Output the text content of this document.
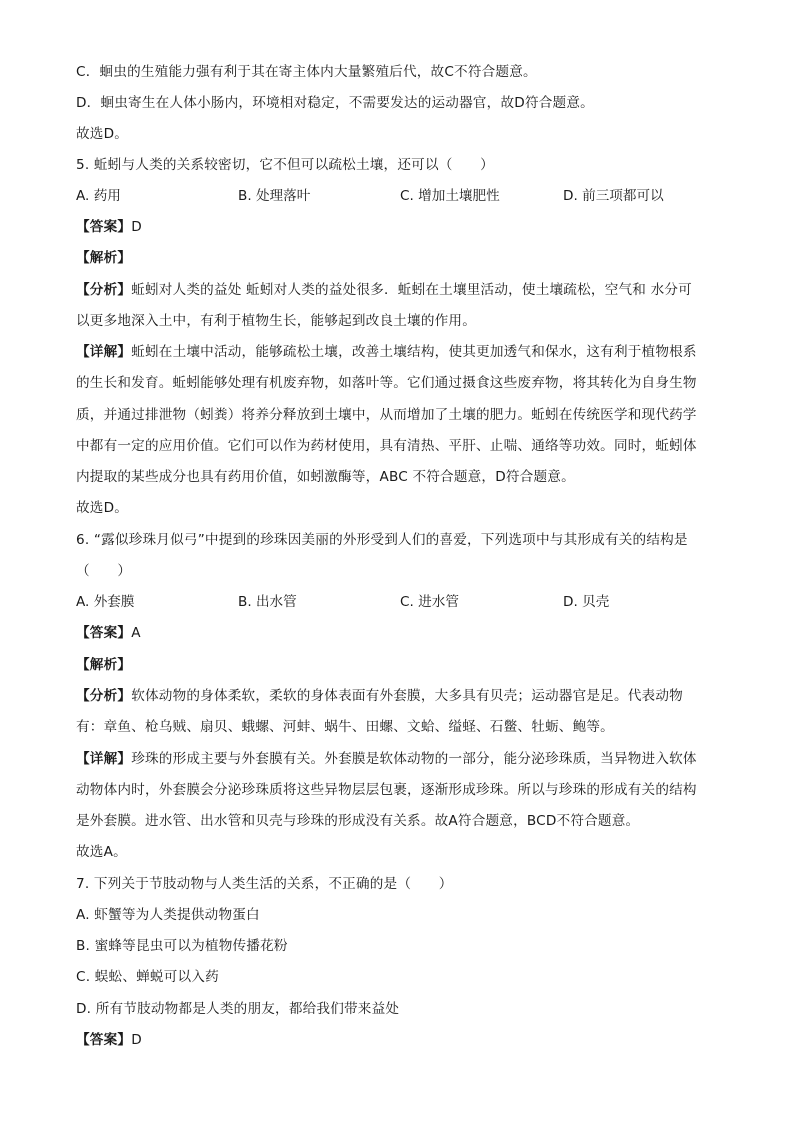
C．蛔虫的生殖能力强有利于其在寄主体内大量繁殖后代，故C不符合题意。
D．蛔虫寄生在人体小肠内，环境相对稳定，不需要发达的运动器官，故D符合题意。
故选D。
5. 蚯蚓与人类的关系较密切，它不但可以疏松土壤，还可以（　　）
A. 药用	B. 处理落叶	C. 增加土壤肥性	D. 前三项都可以
【答案】D
【解析】
【分析】蚯蚓对人类的益处 蚯蚓对人类的益处很多．蚯蚓在土壤里活动，使土壤疏松，空气和 水分可
以更多地深入土中，有利于植物生长，能够起到改良土壤的作用。
【详解】蚯蚓在土壤中活动，能够疏松土壤，改善土壤结构，使其更加透气和保水，这有利于植物根系
的生长和发育。蚯蚓能够处理有机废弃物，如落叶等。它们通过摄食这些废弃物，将其转化为自身生物
质，并通过排泄物（蚓粪）将养分释放到土壤中，从而增加了土壤的肥力。蚯蚓在传统医学和现代药学
中都有一定的应用价值。它们可以作为药材使用，具有清热、平肝、止喘、通络等功效。同时，蚯蚓体
内提取的某些成分也具有药用价值，如蚓激酶等，ABC 不符合题意，D符合题意。
故选D。
6. “露似珍珠月似弓”中提到的珍珠因美丽的外形受到人们的喜爱，下列选项中与其形成有关的结构是
（　　）
A. 外套膜	B. 出水管	C. 进水管	D. 贝壳
【答案】A
【解析】
【分析】软体动物的身体柔软，柔软的身体表面有外套膜，大多具有贝壳；运动器官是足。代表动物
有：章鱼、枪乌贼、扇贝、蛾螺、河蚌、蜗牛、田螺、文蛤、缢蛏、石鳖、牡蛎、鲍等。
【详解】珍珠的形成主要与外套膜有关。外套膜是软体动物的一部分，能分泌珍珠质，当异物进入软体
动物体内时，外套膜会分泌珍珠质将这些异物层层包裹，逐渐形成珍珠。所以与珍珠的形成有关的结构
是外套膜。进水管、出水管和贝壳与珍珠的形成没有关系。故A符合题意，BCD不符合题意。
故选A。
7. 下列关于节肢动物与人类生活的关系，不正确的是（　　）
A. 虾蟹等为人类提供动物蛋白
B. 蜜蜂等昆虫可以为植物传播花粉
C. 蜈蚣、蝉蜕可以入药
D. 所有节肢动物都是人类的朋友，都给我们带来益处
【答案】D
